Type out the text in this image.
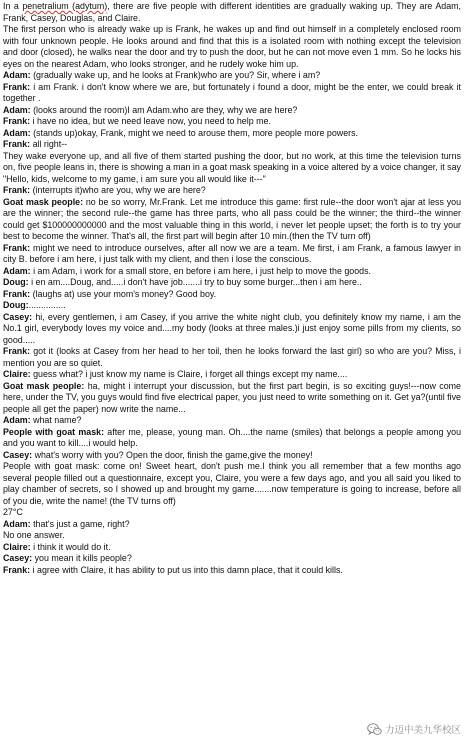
In a penetralium (adytum), there are five people with different identities are gradually waking up. They are Adam, Frank, Casey, Douglas, and Claire.

The first person who is already wake up is Frank, he wakes up and find out himself in a completely enclosed room with four unknown people. He looks around and find that this is a isolated room with nothing except the television and door (closed), he walks near the door and try to push the door, but he can not move even 1 mm. So he locks his eyes on the nearest Adam, who looks stronger, and he rudely woke him up.

Adam: (gradually wake up, and he looks at Frank)who are you? Sir, where i am?

Frank: i am Frank. i don't know where we are, but fortunately i found a door, might be the enter, we could break it together .

Adam: (looks around the room)I am Adam.who are they, why we are here?

Frank: i have no idea, but we need leave now, you need to help me.

Adam: (stands up)okay, Frank, might we need to arouse them, more people more powers.

Frank: all right--

They wake everyone up, and all five of them started pushing the door, but no work, at this time the television turns on, five people leans in, there is showing a man in a goat mask speaking in a voice altered by a voice changer, it say "Hello, kids, welcome to my game, i am sure you all would like it---"

Frank: (interrupts it)who are you, why we are here?

Goat mask people: no be so worry, Mr.Frank. Let me introduce this game: first rule--the door won't ajar at less you are the winner; the second rule--the game has three parts, who all pass could be the winner; the third--the winner could get $100000000000 and the most valuable thing in this world, i never let people upset; the forth is to try your best to become the winner. That's all, the first part will begin after 10 min.(then the TV turn off)

Frank: might we need to introduce ourselves, after all now we are a team. Me first, i am Frank, a famous lawyer in city B. before i am here, i just talk with my client, and then i lose the conscious.

Adam: i am Adam, i work for a small store, en before i am here, i just help to move the goods.

Doug: i en am....Doug, and.....i don't have job.......i try to buy some burger...then i am here..

Frank: (laughs at) use your mom's money? Good boy.

Doug:...............

Casey: hi, every gentlemen, i am Casey, if you arrive the white night club, you definitely know my name, i am the No.1 girl, everybody loves my voice and....my body (looks at three males.)i just enjoy some pills from my clients, so good.....

Frank: got it (looks at Casey from her head to her toil, then he looks forward the last girl) so who are you? Miss, i mention you are so quiet.

Claire: guess what? i just know my name is Claire, i forget all things except my name....

Goat mask people: ha, might i interrupt your discussion, but the first part begin, is so exciting guys!---now come here, under the TV, you guys would find five electrical paper, you just need to write something on it. Get ya?(until five people all get the paper) now write the name...

Adam: what name?

People with goat mask: after me, please, young man. Oh....the name (smiles) that belongs a people among you and you want to kill....i would help.

Casey: what's worry with you? Open the door, finish the game,give the money!

People with goat mask: come on! Sweet heart, don't push me.I think you all remember that a few months ago several people filled out a questionnaire, except you, Claire, you were a few days ago, and you all said you liked to play chamber of secrets, so I showed up and brought my game.......now temperature is going to increase, before all of you die, write the name! (the TV turns off)

27°C

Adam: that's just a game, right?

No one answer.

Claire: i think it would do it.

Casey: you mean it kills people?

Frank: i agree with Claire, it has ability to put us into this damn place, that it could kills.

力迈中美九华校区
